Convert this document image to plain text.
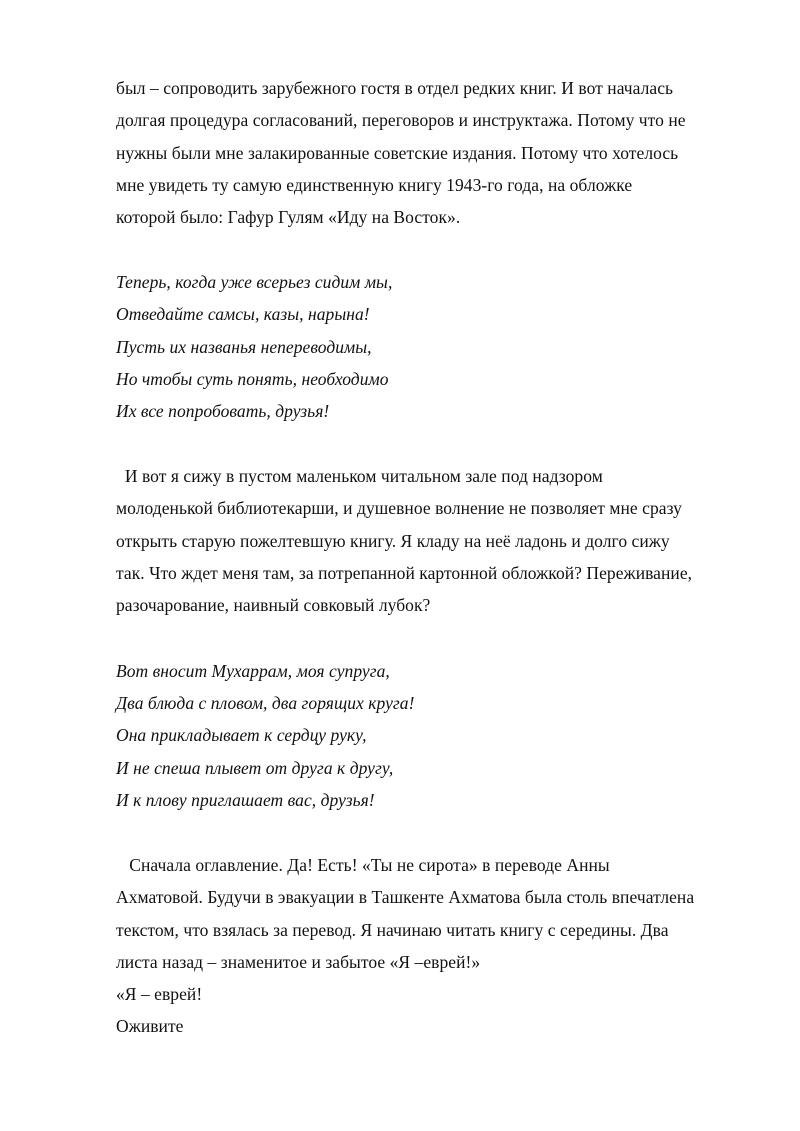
был – сопроводить зарубежного гостя в отдел редких книг. И вот началась
долгая процедура согласований, переговоров и инструктажа. Потому что не
нужны были мне залакированные советские издания. Потому что хотелось
мне увидеть ту самую единственную книгу 1943-го года, на обложке
которой было: Гафур Гулям «Иду на Восток».
Теперь, когда уже всерьез сидим мы,
Отведайте самсы, казы, нарына!
Пусть их названья непереводимы,
Но чтобы суть понять, необходимо
Их все попробовать, друзья!
И вот я сижу в пустом маленьком читальном зале под надзором
молоденькой библиотекарши, и душевное волнение не позволяет мне сразу
открыть старую пожелтевшую книгу. Я кладу на неё ладонь и долго сижу
так. Что ждет меня там, за потрепанной картонной обложкой? Переживание,
разочарование, наивный совковый лубок?
Вот вносит Мухаррам, моя супруга,
Два блюда с пловом, два горящих круга!
Она прикладывает к сердцу руку,
И не спеша плывет от друга к другу,
И к плову приглашает вас, друзья!
Сначала оглавление. Да! Есть! «Ты не сирота» в переводе Анны
Ахматовой. Будучи в эвакуации в Ташкенте Ахматова была столь впечатлена
текстом, что взялась за перевод. Я начинаю читать книгу с середины. Два
листа назад – знаменитое и забытое «Я –еврей!»
«Я – еврей!
Оживите
